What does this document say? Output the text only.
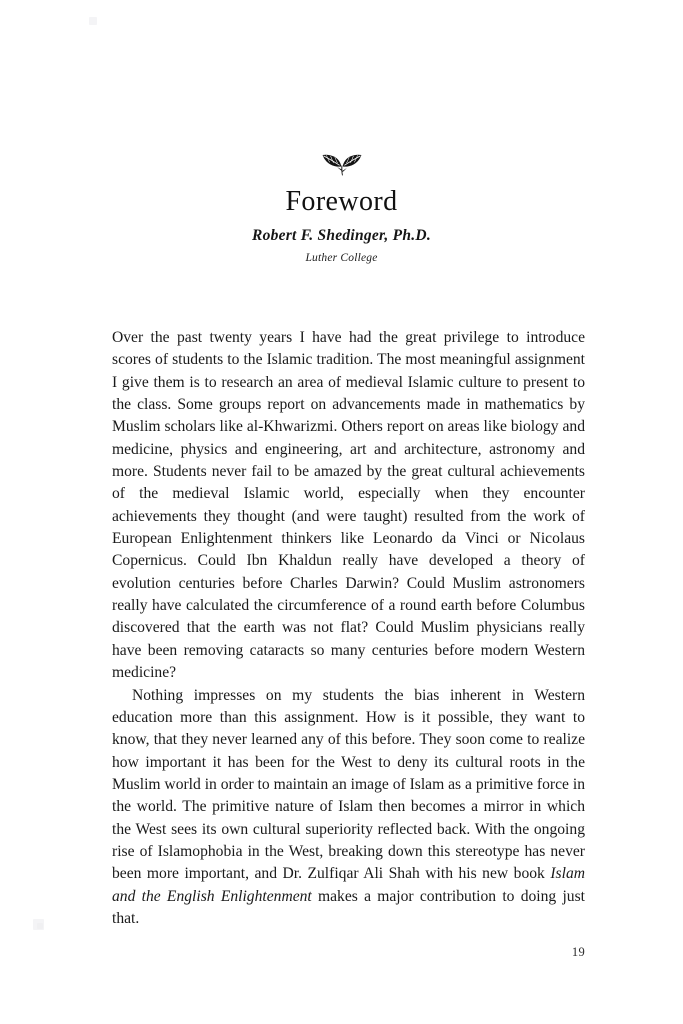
Foreword
Robert F. Shedinger, Ph.D.
Luther College

Over the past twenty years I have had the great privilege to introduce scores of students to the Islamic tradition. The most meaningful assignment I give them is to research an area of medieval Islamic culture to present to the class. Some groups report on advancements made in mathematics by Muslim scholars like al-Khwarizmi. Others report on areas like biology and medicine, physics and engineering, art and architecture, astronomy and more. Students never fail to be amazed by the great cultural achievements of the medieval Islamic world, especially when they encounter achievements they thought (and were taught) resulted from the work of European Enlightenment thinkers like Leonardo da Vinci or Nicolaus Copernicus. Could Ibn Khaldun really have developed a theory of evolution centuries before Charles Darwin? Could Muslim astronomers really have calculated the circumference of a round earth before Columbus discovered that the earth was not flat? Could Muslim physicians really have been removing cataracts so many centuries before modern Western medicine?

Nothing impresses on my students the bias inherent in Western education more than this assignment. How is it possible, they want to know, that they never learned any of this before. They soon come to realize how important it has been for the West to deny its cultural roots in the Muslim world in order to maintain an image of Islam as a primitive force in the world. The primitive nature of Islam then becomes a mirror in which the West sees its own cultural superiority reflected back. With the ongoing rise of Islamophobia in the West, breaking down this stereotype has never been more important, and Dr. Zulfiqar Ali Shah with his new book Islam and the English Enlightenment makes a major contribution to doing just that.

19
